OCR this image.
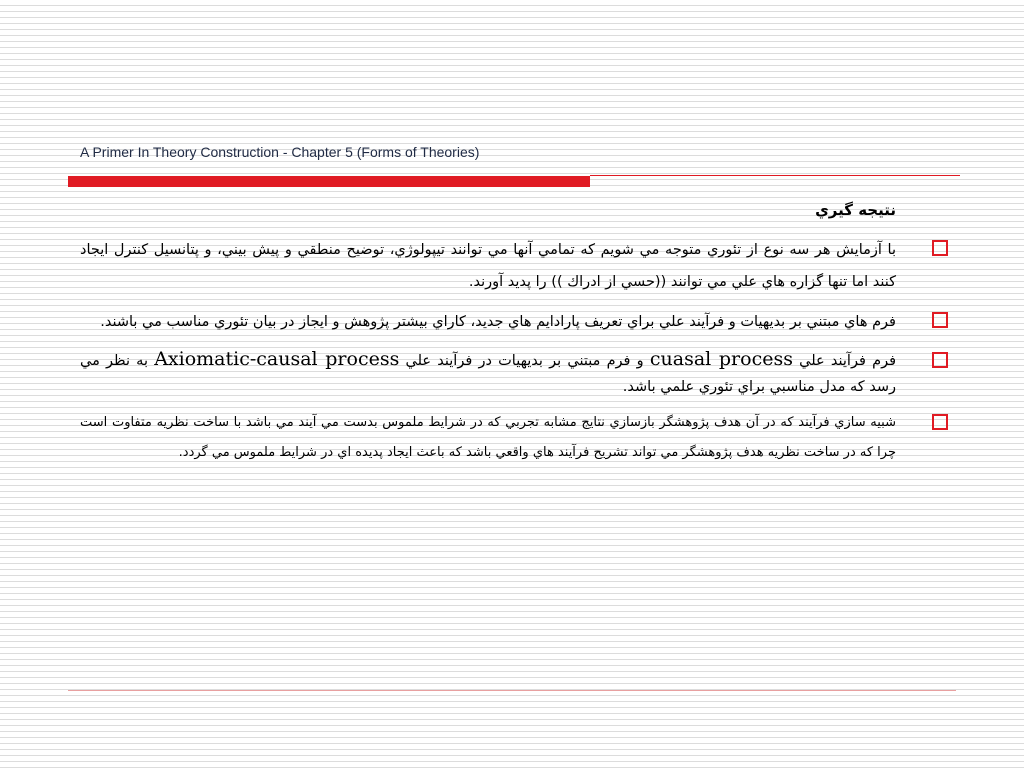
A Primer In Theory Construction - Chapter 5 (Forms of Theories)
نتيجه گيري
با آزمايش هر سه نوع از تئوري متوجه مي شويم كه تمامي آنها مي توانند تيپولوژي، توضيح منطقي و پيش بيني، و پتانسيل كنترل ايجاد كنند اما تنها گزاره هاي علي مي توانند ((حسي از ادراك )) را پديد آورند.
فرم هاي مبتني بر بديهيات و فرآيند علي براي تعريف پارادايم هاي جديد، كاراي بيشتر پژوهش و ايجاز در بيان تئوري مناسب مي باشند.
فرم فرآيند علي cuasal process و فرم مبتني بر بديهيات در فرآيند علي Axiomatic-causal process به نظر مي رسد كه مدل مناسبي براي تئوري علمي باشد.
شبيه سازي فرآيند كه در آن هدف پژوهشگر بازسازي نتايج مشابه تجربي كه در شرايط ملموس بدست مي آيند مي باشد با ساخت نظريه متفاوت است چرا كه در ساخت نظريه هدف پژوهشگر مي تواند تشريح فرآيند هاي واقعي باشد كه باعث ايجاد پديده اي در شرايط ملموس مي گردد.
